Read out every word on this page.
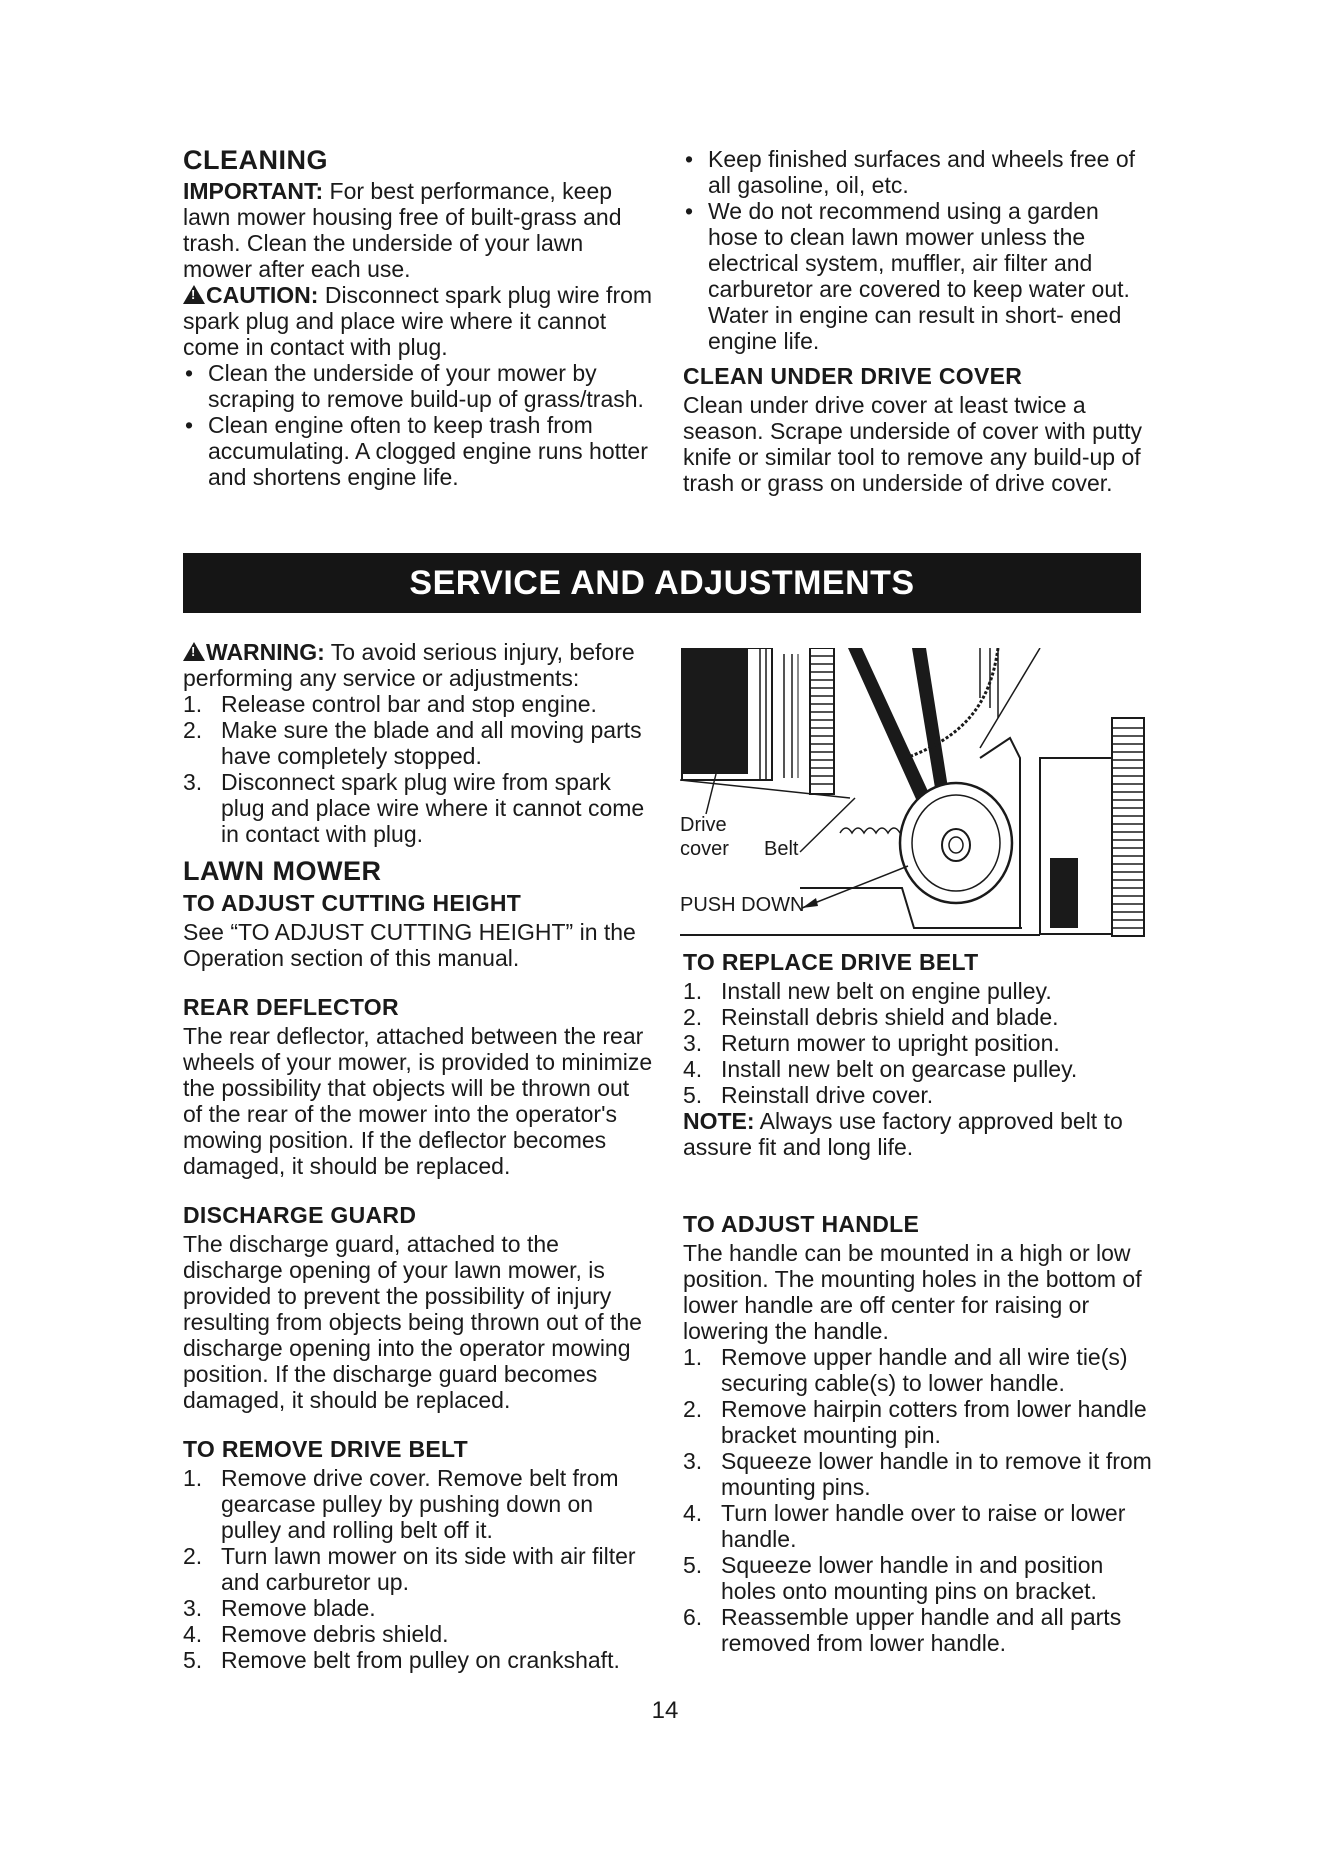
CLEANING

IMPORTANT: For best performance, keep lawn mower housing free of built-grass and trash. Clean the underside of your lawn mower after each use.

!CAUTION: Disconnect spark plug wire from spark plug and place wire where it cannot come in contact with plug.

• Clean the underside of your mower by scraping to remove build-up of grass/trash.
• Clean engine often to keep trash from accumulating. A clogged engine runs hotter and shortens engine life.
• Keep finished surfaces and wheels free of all gasoline, oil, etc.
• We do not recommend using a garden hose to clean lawn mower unless the electrical system, muffler, air filter and carburetor are covered to keep water out. Water in engine can result in short- ened engine life.
CLEAN UNDER DRIVE COVER

Clean under drive cover at least twice a season. Scrape underside of cover with putty knife or similar tool to remove any build-up of trash or grass on underside of drive cover.

SERVICE AND ADJUSTMENTS

!WARNING: To avoid serious injury, before performing any service or adjustments:

1. Release control bar and stop engine.
2. Make sure the blade and all moving parts have completely stopped.
3. Disconnect spark plug wire from spark plug and place wire where it cannot come in contact with plug.
LAWN MOWER
TO ADJUST CUTTING HEIGHT

See “TO ADJUST CUTTING HEIGHT” in the Operation section of this manual.

REAR DEFLECTOR

The rear deflector, attached between the rear wheels of your mower, is provided to minimize the possibility that objects will be thrown out of the rear of the mower into the operator's mowing position. If the deflector becomes damaged, it should be replaced.

DISCHARGE GUARD

The discharge guard, attached to the discharge opening of your lawn mower, is provided to prevent the possibility of injury resulting from objects being thrown out of the discharge opening into the operator mowing position. If the discharge guard becomes damaged, it should be replaced.

TO REMOVE DRIVE BELT
1. Remove drive cover. Remove belt from gearcase pulley by pushing down on pulley and rolling belt off it.
2. Turn lawn mower on its side with air filter and carburetor up.
3. Remove blade.
4. Remove debris shield.
5. Remove belt from pulley on crankshaft.
Drive
cover Belt
PUSH DOWN
TO REPLACE DRIVE BELT
1. Install new belt on engine pulley.
2. Reinstall debris shield and blade.
3. Return mower to upright position.
4. Install new belt on gearcase pulley.
5. Reinstall drive cover.

NOTE: Always use factory approved belt to assure fit and long life.

TO ADJUST HANDLE

The handle can be mounted in a high or low position. The mounting holes in the bottom of lower handle are off center for raising or lowering the handle.

1. Remove upper handle and all wire tie(s) securing cable(s) to lower handle.
2. Remove hairpin cotters from lower handle bracket mounting pin.
3. Squeeze lower handle in to remove it from mounting pins.
4. Turn lower handle over to raise or lower handle.
5. Squeeze lower handle in and position holes onto mounting pins on bracket.
6. Reassemble upper handle and all parts removed from lower handle.
14
